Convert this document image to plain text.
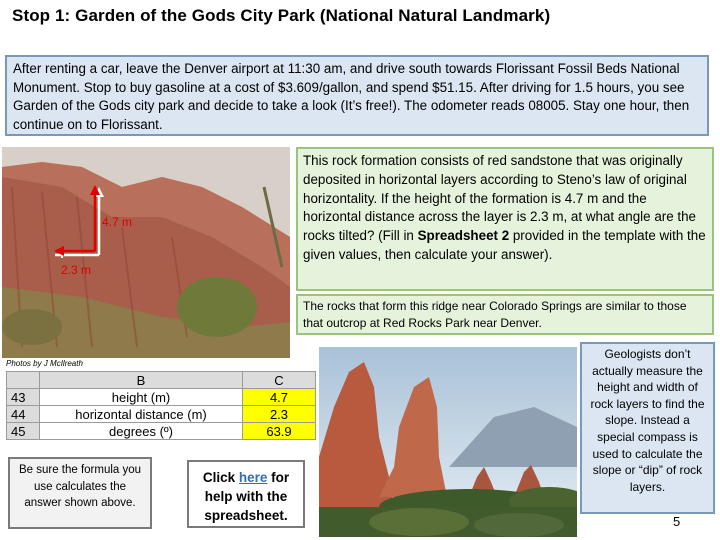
Stop 1: Garden of the Gods City Park (National Natural Landmark)
After renting a car, leave the Denver airport at 11:30 am, and drive south towards Florissant Fossil Beds National Monument. Stop to buy gasoline at a cost of $3.609/gallon, and spend $51.15. After driving for 1.5 hours, you see Garden of the Gods city park and decide to take a look (It’s free!). The odometer reads 08005. Stay one hour, then continue on to Florissant.
4.7 m
2.3 m
This rock formation consists of red sandstone that was originally deposited in horizontal layers according to Steno’s law of original horizontality. If the height of the formation is 4.7 m and the horizontal distance across the layer is 2.3 m, at what angle are the rocks tilted? (Fill in Spreadsheet 2 provided in the template with the given values, then calculate your answer).
The rocks that form this ridge near Colorado Springs are similar to those that outcrop at Red Rocks Park near Denver.
Photos by J McIlreath
	B	C
43	height (m)	4.7
44	horizontal distance (m)	2.3
45	degrees (º)	63.9
Be sure the formula you use calculates the answer shown above.
Click here for help with the spreadsheet.
Geologists don’t actually measure the height and width of rock layers to find the slope. Instead a special compass is used to calculate the slope or “dip” of rock layers.
5
